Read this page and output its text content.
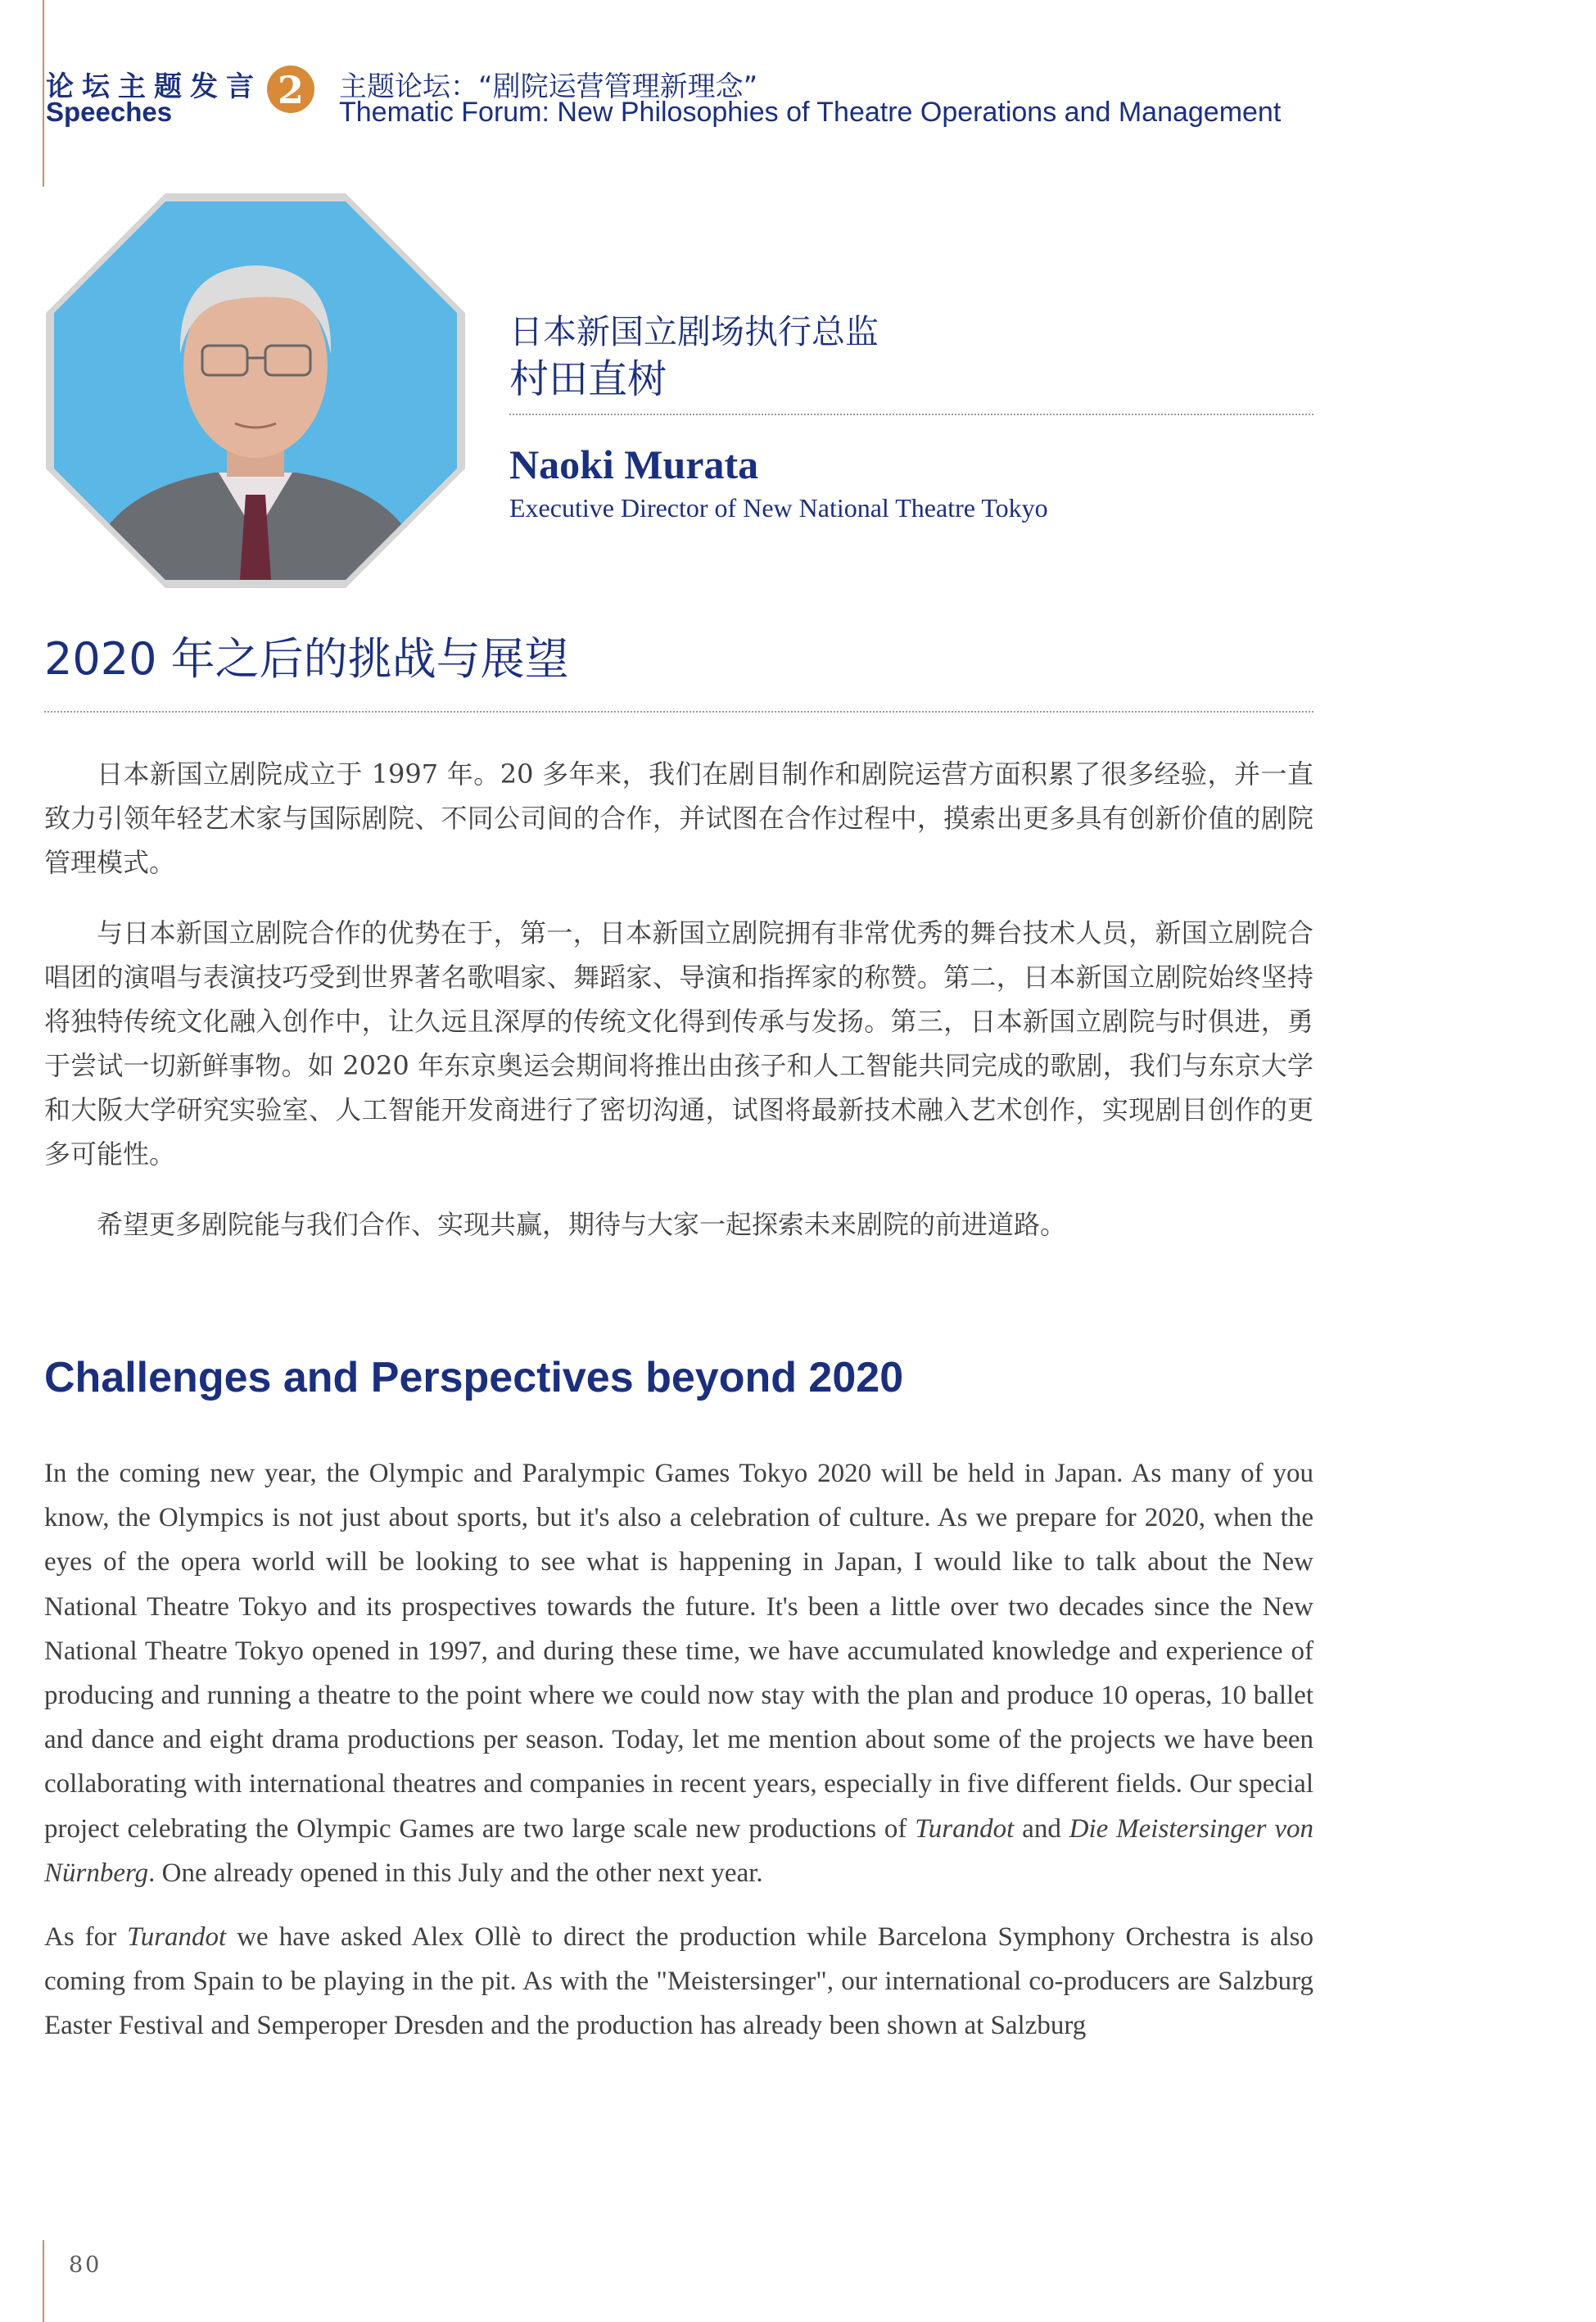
论坛主题发言
Speeches	2	主题论坛：“剧院运营管理新理念”
Thematic Forum: New Philosophies of Theatre Operations and Management
日本新国立剧场执行总监
村田直树
Naoki Murata
Executive Director of New National Theatre Tokyo
2020 年之后的挑战与展望

日本新国立剧院成立于 1997 年。20 多年来，我们在剧目制作和剧院运营方面积累了很多经验，并一直致力引领年轻艺术家与国际剧院、不同公司间的合作，并试图在合作过程中，摸索出更多具有创新价值的剧院管理模式。

与日本新国立剧院合作的优势在于，第一，日本新国立剧院拥有非常优秀的舞台技术人员，新国立剧院合唱团的演唱与表演技巧受到世界著名歌唱家、舞蹈家、导演和指挥家的称赞。第二，日本新国立剧院始终坚持将独特传统文化融入创作中，让久远且深厚的传统文化得到传承与发扬。第三，日本新国立剧院与时俱进，勇于尝试一切新鲜事物。如 2020 年东京奥运会期间将推出由孩子和人工智能共同完成的歌剧，我们与东京大学和大阪大学研究实验室、人工智能开发商进行了密切沟通，试图将最新技术融入艺术创作，实现剧目创作的更多可能性。

希望更多剧院能与我们合作、实现共赢，期待与大家一起探索未来剧院的前进道路。

Challenges and Perspectives beyond 2020

In the coming new year, the Olympic and Paralympic Games Tokyo 2020 will be held in Japan. As many of you know, the Olympics is not just about sports, but it's also a celebration of culture. As we prepare for 2020, when the eyes of the opera world will be looking to see what is happening in Japan, I would like to talk about the New National Theatre Tokyo and its prospectives towards the future. It's been a little over two decades since the New National Theatre Tokyo opened in 1997, and during these time, we have accumulated knowledge and experience of producing and running a theatre to the point where we could now stay with the plan and produce 10 operas, 10 ballet and dance and eight drama productions per season. Today, let me mention about some of the projects we have been collaborating with international theatres and companies in recent years, especially in five different fields. Our special project celebrating the Olympic Games are two large scale new productions of Turandot and Die Meistersinger von Nürnberg. One already opened in this July and the other next year.

As for Turandot we have asked Alex Ollè to direct the production while Barcelona Symphony Orchestra is also coming from Spain to be playing in the pit. As with the "Meistersinger", our international co-producers are Salzburg Easter Festival and Semperoper Dresden and the production has already been shown at Salzburg

80
